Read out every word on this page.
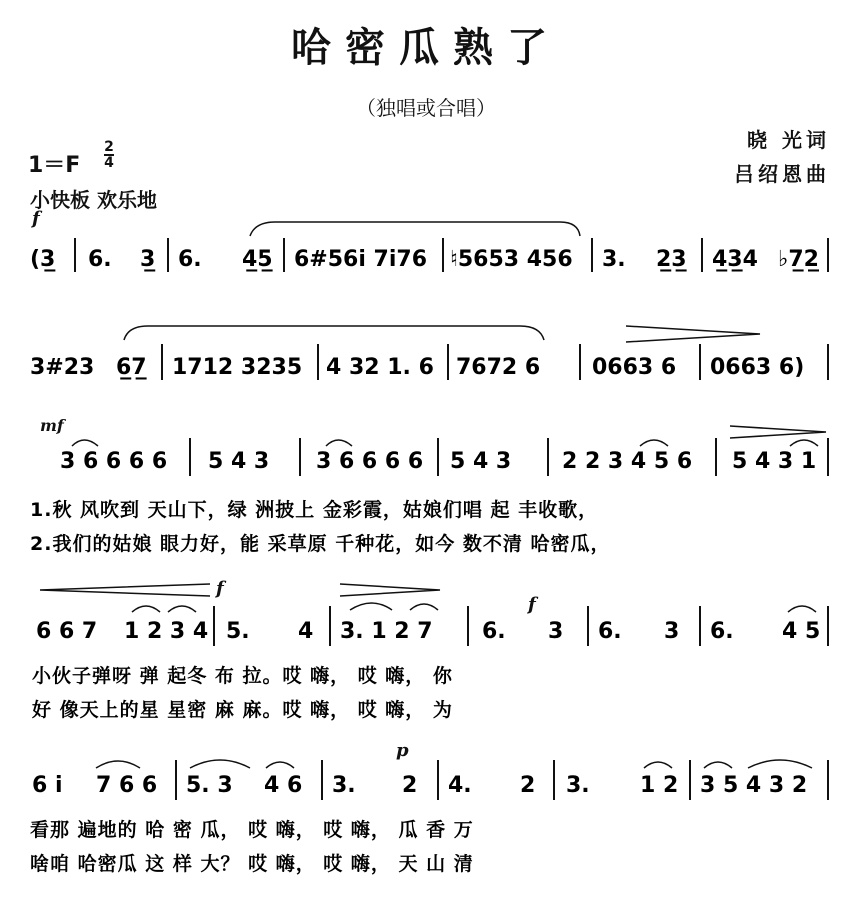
哈密瓜熟了
（独唱或合唱）
晓 光词
吕绍恩曲
1＝F
2
4
小快板 欢乐地
f
mf
f
f
p
(3̲ 6. 3̲ 6. 4̲5̲ 6#56i 7i76 ♮5653 456 3. 2̲3̲ 4̲3̲4 ♭7̲2̲
3#23 6̲7̲ 1712 3235 4 32 1. 6 7672 6 0663 6 0663 6)
3 6 6 6 6 5 4 3 3 6 6 6 6 5 4 3 2 2 3 4 5 6 5 4 3 1
1.秋 风吹到 天山下，绿 洲披上 金彩霞，姑娘们唱 起 丰收歌，
2.我们的姑娘 眼力好，能 采草原 千种花，如今 数不清 哈密瓜，
6 6 7 1 2 3 4 5. 4 3. 1 2 7 6. 3 6. 3 6. 4 5
小伙子弹呀 弹 起冬 布 拉。哎 嗨， 哎 嗨， 你
好 像天上的星 星密 麻 麻。哎 嗨， 哎 嗨， 为
6 i 7 6 6 5. 3 4 6 3. 2 4. 2 3. 1 2 3 5 4 3 2
看那 遍地的 哈 密 瓜， 哎 嗨， 哎 嗨， 瓜 香 万
啥咱 哈密瓜 这 样 大？ 哎 嗨， 哎 嗨， 天 山 清
